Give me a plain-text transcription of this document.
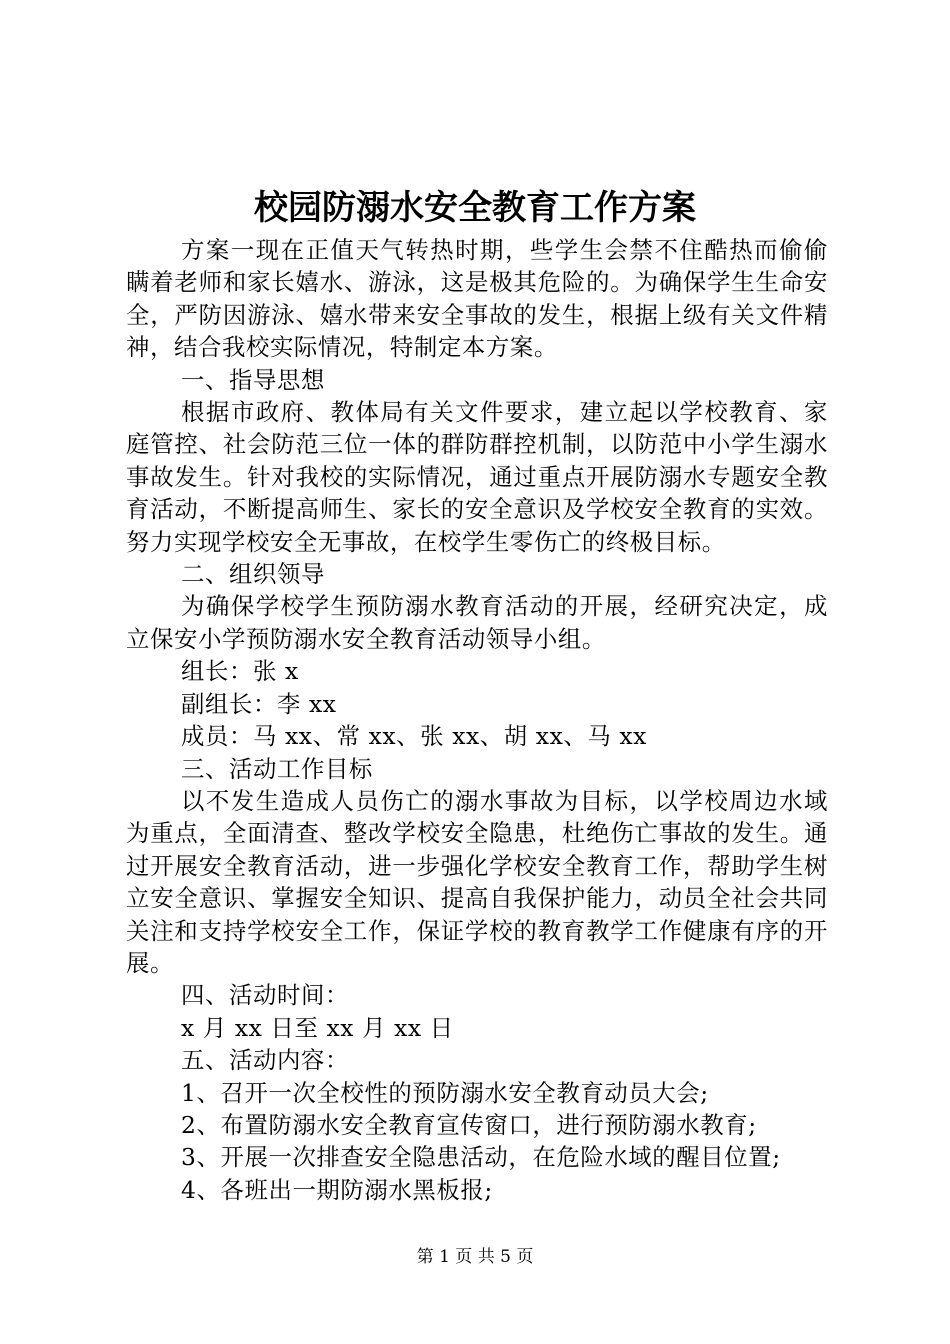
校园防溺水安全教育工作方案

方案一现在正值天气转热时期，些学生会禁不住酷热而偷偷瞒着老师和家长嬉水、游泳，这是极其危险的。为确保学生生命安全，严防因游泳、嬉水带来安全事故的发生，根据上级有关文件精神，结合我校实际情况，特制定本方案。

一、指导思想

根据市政府、教体局有关文件要求，建立起以学校教育、家庭管控、社会防范三位一体的群防群控机制，以防范中小学生溺水事故发生。针对我校的实际情况，通过重点开展防溺水专题安全教育活动，不断提高师生、家长的安全意识及学校安全教育的实效。努力实现学校安全无事故，在校学生零伤亡的终极目标。

二、组织领导

为确保学校学生预防溺水教育活动的开展，经研究决定，成立保安小学预防溺水安全教育活动领导小组。

组长：张 x

副组长：李 xx

成员：马 xx、常 xx、张 xx、胡 xx、马 xx

三、活动工作目标

以不发生造成人员伤亡的溺水事故为目标，以学校周边水域为重点，全面清查、整改学校安全隐患，杜绝伤亡事故的发生。通过开展安全教育活动，进一步强化学校安全教育工作，帮助学生树立安全意识、掌握安全知识、提高自我保护能力，动员全社会共同关注和支持学校安全工作，保证学校的教育教学工作健康有序的开展。

四、活动时间：

x 月 xx 日至 xx 月 xx 日

五、活动内容：

1、召开一次全校性的预防溺水安全教育动员大会;

2、布置防溺水安全教育宣传窗口，进行预防溺水教育;

3、开展一次排查安全隐患活动，在危险水域的醒目位置;

4、各班出一期防溺水黑板报;

第 1 页 共 5 页
